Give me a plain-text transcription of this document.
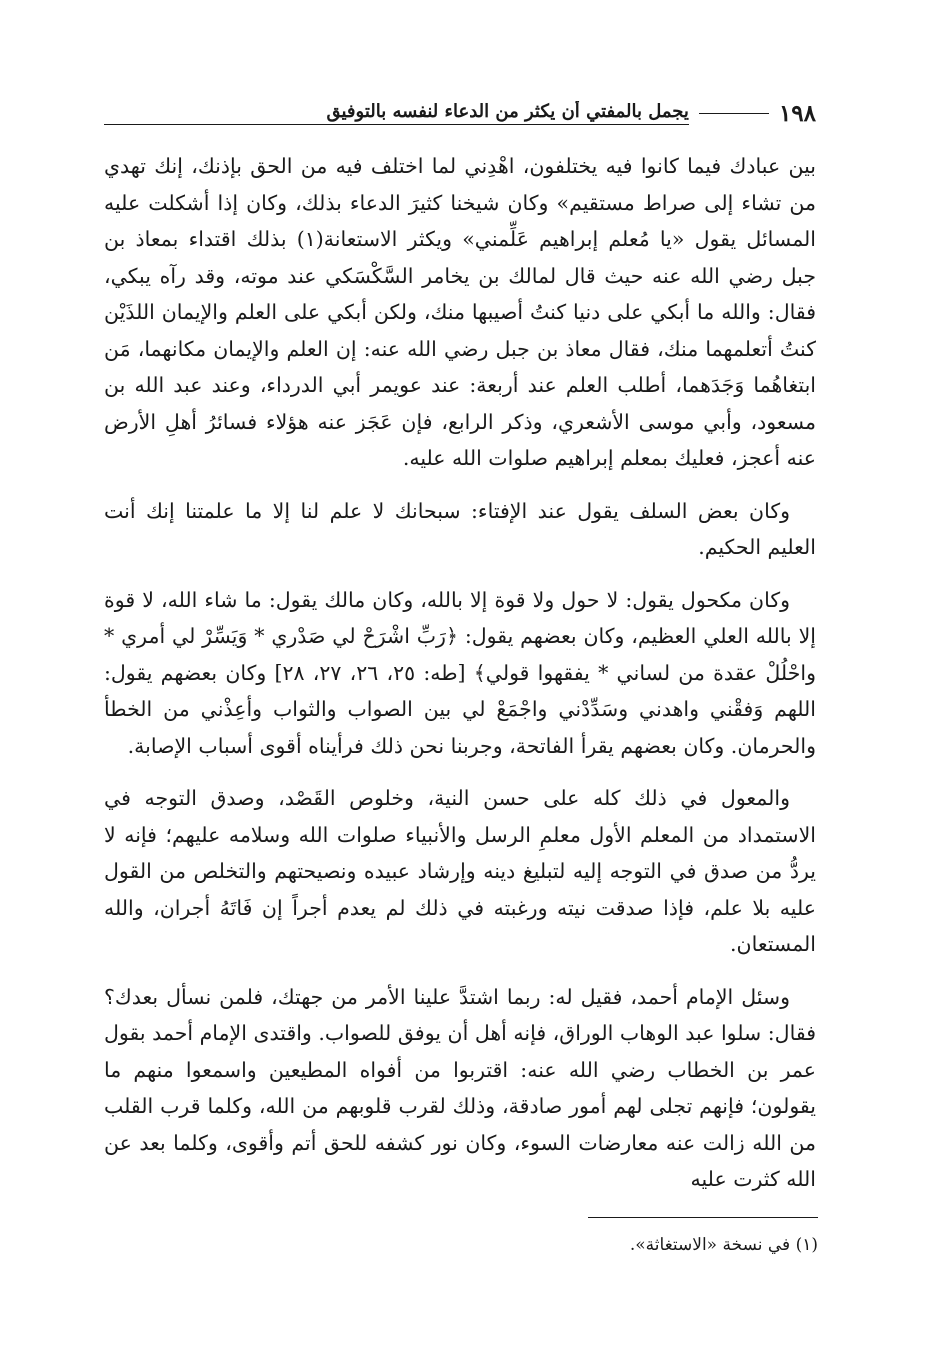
١٩٨
يجمل بالمفتي أن يكثر من الدعاء لنفسه بالتوفيق

بين عبادك فيما كانوا فيه يختلفون، اهْدِني لما اختلف فيه من الحق بإذنك، إنك تهدي من تشاء إلى صراط مستقيم» وكان شيخنا كثيرَ الدعاء بذلك، وكان إذا أشكلت عليه المسائل يقول «يا مُعلم إبراهيم عَلِّمني» ويكثر الاستعانة(١) بذلك اقتداء بمعاذ بن جبل رضي الله عنه حيث قال لمالك بن يخامر السَّكْسَكي عند موته، وقد رآه يبكي، فقال: والله ما أبكي على دنيا كنتُ أصيبها منك، ولكن أبكي على العلم والإيمان اللذَيْن كنتُ أتعلمهما منك، فقال معاذ بن جبل رضي الله عنه: إن العلم والإيمان مكانهما، مَن ابتغاهُما وَجَدَهما، أطلب العلم عند أربعة: عند عويمر أبي الدرداء، وعند عبد الله بن مسعود، وأبي موسى الأشعري، وذكر الرابع، فإن عَجَز عنه هؤلاء فسائرُ أهلِ الأرض عنه أعجز، فعليك بمعلم إبراهيم صلوات الله عليه.

وكان بعض السلف يقول عند الإفتاء: سبحانك لا علم لنا إلا ما علمتنا إنك أنت العليم الحكيم.

وكان مكحول يقول: لا حول ولا قوة إلا بالله، وكان مالك يقول: ما شاء الله، لا قوة إلا بالله العلي العظيم، وكان بعضهم يقول: ﴿رَبِّ اشْرَحْ لي صَدْري * وَيَسِّرْ لي أمري * واحْلُلْ عقدة من لساني * يفقهوا قولي﴾ [طه: ٢٥، ٢٦، ٢٧، ٢٨] وكان بعضهم يقول: اللهم وَفقْني واهدني وسَدِّدْني واجْمَعْ لي بين الصواب والثواب وأعِذْني من الخطأ والحرمان. وكان بعضهم يقرأ الفاتحة، وجربنا نحن ذلك فرأيناه أقوى أسباب الإصابة.

والمعول في ذلك كله على حسن النية، وخلوص القَصْد، وصدق التوجه في الاستمداد من المعلم الأول معلمِ الرسل والأنبياء صلوات الله وسلامه عليهم؛ فإنه لا يردُّ من صدق في التوجه إليه لتبليغ دينه وإرشاد عبيده ونصيحتهم والتخلص من القول عليه بلا علم، فإذا صدقت نيته ورغبته في ذلك لم يعدم أجراً إن فَاتَهُ أجران، والله المستعان.

وسئل الإمام أحمد، فقيل له: ربما اشتدَّ علينا الأمر من جهتك، فلمن نسأل بعدك؟ فقال: سلوا عبد الوهاب الوراق، فإنه أهل أن يوفق للصواب. واقتدى الإمام أحمد بقول عمر بن الخطاب رضي الله عنه: اقتربوا من أفواه المطيعين واسمعوا منهم ما يقولون؛ فإنهم تجلى لهم أمور صادقة، وذلك لقرب قلوبهم من الله، وكلما قرب القلب من الله زالت عنه معارضات السوء، وكان نور كشفه للحق أتم وأقوى، وكلما بعد عن الله كثرت عليه

(١) في نسخة «الاستغاثة».
